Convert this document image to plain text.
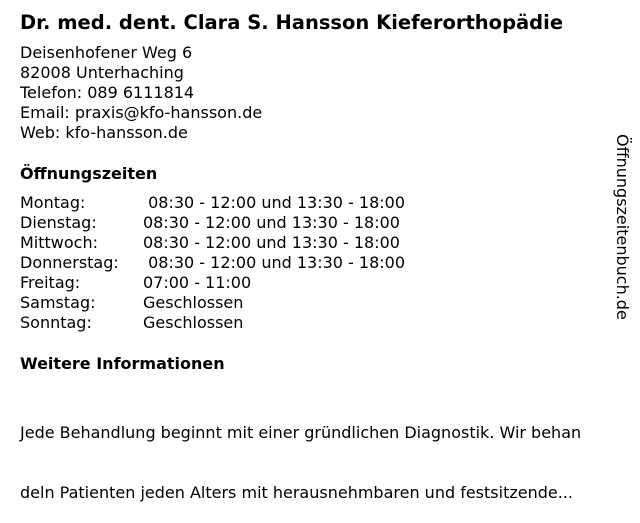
Dr. med. dent. Clara S. Hansson Kieferorthopädie
Deisenhofener Weg 6
82008 Unterhaching
Telefon: 089 6111814
Email: praxis@kfo-hansson.de
Web: kfo-hansson.de
Öffnungszeiten
Montag:	08:30 - 12:00 und 13:30 - 18:00
Dienstag:	08:30 - 12:00 und 13:30 - 18:00
Mittwoch:	08:30 - 12:00 und 13:30 - 18:00
Donnerstag:	08:30 - 12:00 und 13:30 - 18:00
Freitag:	07:00 - 11:00
Samstag:	Geschlossen
Sonntag:	Geschlossen
Weitere Informationen

Jede Behandlung beginnt mit einer gründlichen Diagnostik. Wir behan

deln Patienten jeden Alters mit herausnehmbaren und festsitzende...

Öffnungszeitenbuch.de
